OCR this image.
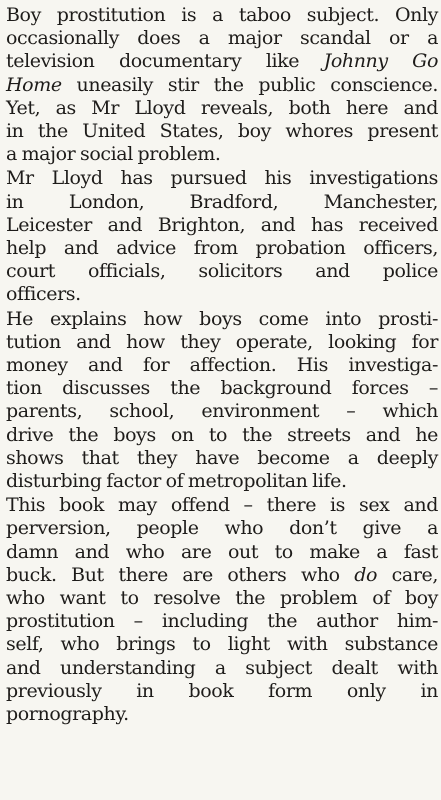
Boy prostitution is a taboo subject. Only
occasionally does a major scandal or a
television documentary like Johnny Go
Home uneasily stir the public conscience.
Yet, as Mr Lloyd reveals, both here and
in the United States, boy whores present
a major social problem.
Mr Lloyd has pursued his investigations
in London, Bradford, Manchester,
Leicester and Brighton, and has received
help and advice from probation officers,
court officials, solicitors and police
officers.
He explains how boys come into prosti-
tution and how they operate, looking for
money and for affection. His investiga-
tion discusses the background forces –
parents, school, environment – which
drive the boys on to the streets and he
shows that they have become a deeply
disturbing factor of metropolitan life.
This book may offend – there is sex and
perversion, people who don’t give a
damn and who are out to make a fast
buck. But there are others who do care,
who want to resolve the problem of boy
prostitution – including the author him-
self, who brings to light with substance
and understanding a subject dealt with
previously in book form only in
pornography.
